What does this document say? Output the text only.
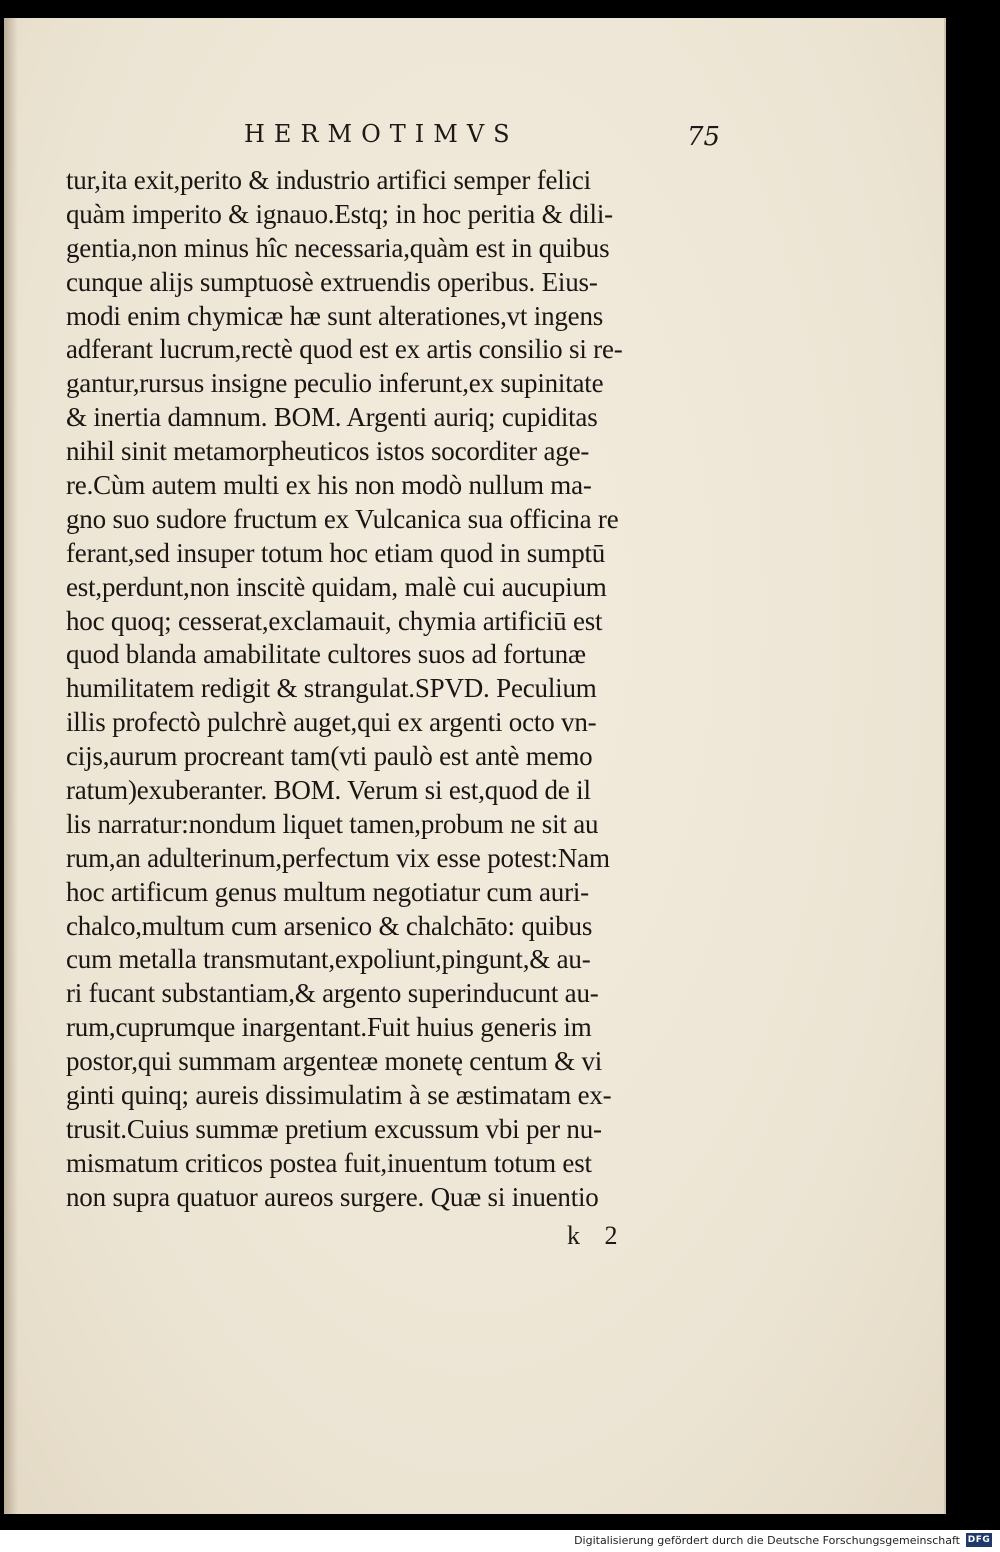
HERMOTIMVS	75
tur,ita exit,perito & industrio artifici semper felici
quàm imperito & ignauo.Estq; in hoc peritia & dili-
gentia,non minus hîc necessaria,quàm est in quibus
cunque alijs sumptuosè extruendis operibus. Eius-
modi enim chymicæ hæ sunt alterationes,vt ingens
adferant lucrum,rectè quod est ex artis consilio si re-
gantur,rursus insigne peculio inferunt,ex supinitate
& inertia damnum. BOM. Argenti auriq; cupiditas
nihil sinit metamorpheuticos istos socorditer age-
re.Cùm autem multi ex his non modò nullum ma-
gno suo sudore fructum ex Vulcanica sua officina re
ferant,sed insuper totum hoc etiam quod in sumptū
est,perdunt,non inscitè quidam, malè cui aucupium
hoc quoq; cesserat,exclamauit, chymia artificiū est
quod blanda amabilitate cultores suos ad fortunæ
humilitatem redigit & strangulat.SPVD. Peculium
illis profectò pulchrè auget,qui ex argenti octo vn-
cijs,aurum procreant tam(vti paulò est antè memo
ratum)exuberanter. BOM. Verum si est,quod de il
lis narratur:nondum liquet tamen,probum ne sit au
rum,an adulterinum,perfectum vix esse potest:Nam
hoc artificum genus multum negotiatur cum auri-
chalco,multum cum arsenico & chalchāto: quibus
cum metalla transmutant,expoliunt,pingunt,& au-
ri fucant substantiam,& argento superinducunt au-
rum,cuprumque inargentant.Fuit huius generis im
postor,qui summam argenteæ monetę centum & vi
ginti quinq; aureis dissimulatim à se æstimatam ex-
trusit.Cuius summæ pretium excussum vbi per nu-
mismatum criticos postea fuit,inuentum totum est
non supra quatuor aureos surgere. Quæ si inuentio
k 2
Digitalisierung gefördert durch die Deutsche Forschungsgemeinschaft DFG
